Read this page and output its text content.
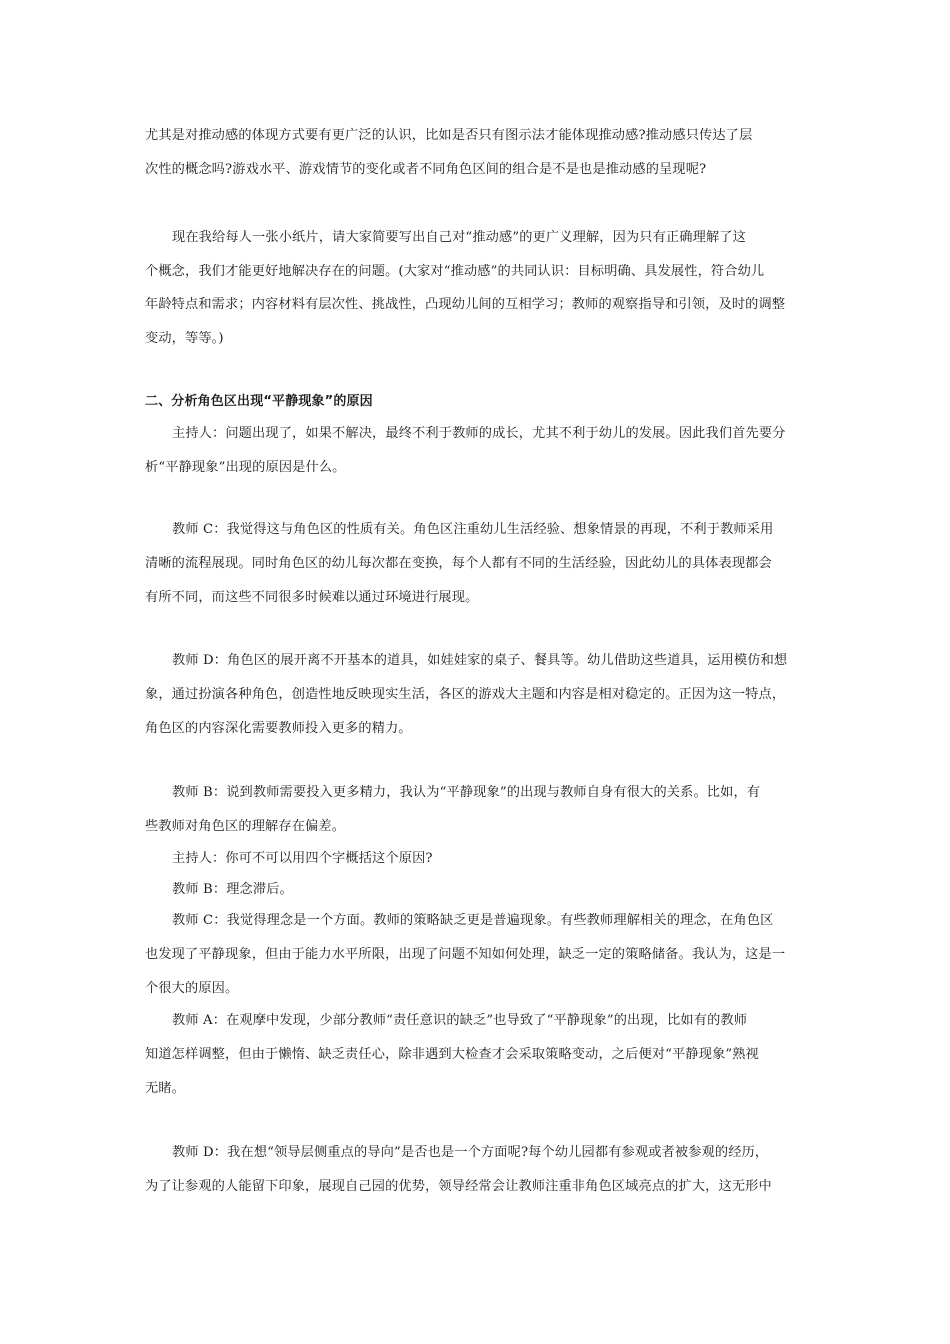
尤其是对推动感的体现方式要有更广泛的认识，比如是否只有图示法才能体现推动感?推动感只传达了层

次性的概念吗?游戏水平、游戏情节的变化或者不同角色区间的组合是不是也是推动感的呈现呢?

现在我给每人一张小纸片，请大家简要写出自己对“推动感”的更广义理解，因为只有正确理解了这

个概念，我们才能更好地解决存在的问题。(大家对“推动感”的共同认识：目标明确、具发展性，符合幼儿

年龄特点和需求；内容材料有层次性、挑战性，凸现幼儿间的互相学习；教师的观察指导和引领，及时的调整

变动，等等。)

二、分析角色区出现“平静现象”的原因

主持人：问题出现了，如果不解决，最终不利于教师的成长，尤其不利于幼儿的发展。因此我们首先要分

析“平静现象”出现的原因是什么。

教师 C：我觉得这与角色区的性质有关。角色区注重幼儿生活经验、想象情景的再现，不利于教师采用

清晰的流程展现。同时角色区的幼儿每次都在变换，每个人都有不同的生活经验，因此幼儿的具体表现都会

有所不同，而这些不同很多时候难以通过环境进行展现。

教师 D：角色区的展开离不开基本的道具，如娃娃家的桌子、餐具等。幼儿借助这些道具，运用模仿和想

象，通过扮演各种角色，创造性地反映现实生活，各区的游戏大主题和内容是相对稳定的。正因为这一特点，

角色区的内容深化需要教师投入更多的精力。

教师 B：说到教师需要投入更多精力，我认为“平静现象”的出现与教师自身有很大的关系。比如，有

些教师对角色区的理解存在偏差。

主持人：你可不可以用四个字概括这个原因?

教师 B：理念滞后。

教师 C：我觉得理念是一个方面。教师的策略缺乏更是普遍现象。有些教师理解相关的理念，在角色区

也发现了平静现象，但由于能力水平所限，出现了问题不知如何处理，缺乏一定的策略储备。我认为，这是一

个很大的原因。

教师 A：在观摩中发现，少部分教师“责任意识的缺乏”也导致了“平静现象”的出现，比如有的教师

知道怎样调整，但由于懒惰、缺乏责任心，除非遇到大检查才会采取策略变动，之后便对“平静现象”熟视

无睹。

教师 D：我在想“领导层侧重点的导向”是否也是一个方面呢?每个幼儿园都有参观或者被参观的经历，

为了让参观的人能留下印象，展现自己园的优势，领导经常会让教师注重非角色区域亮点的扩大，这无形中
